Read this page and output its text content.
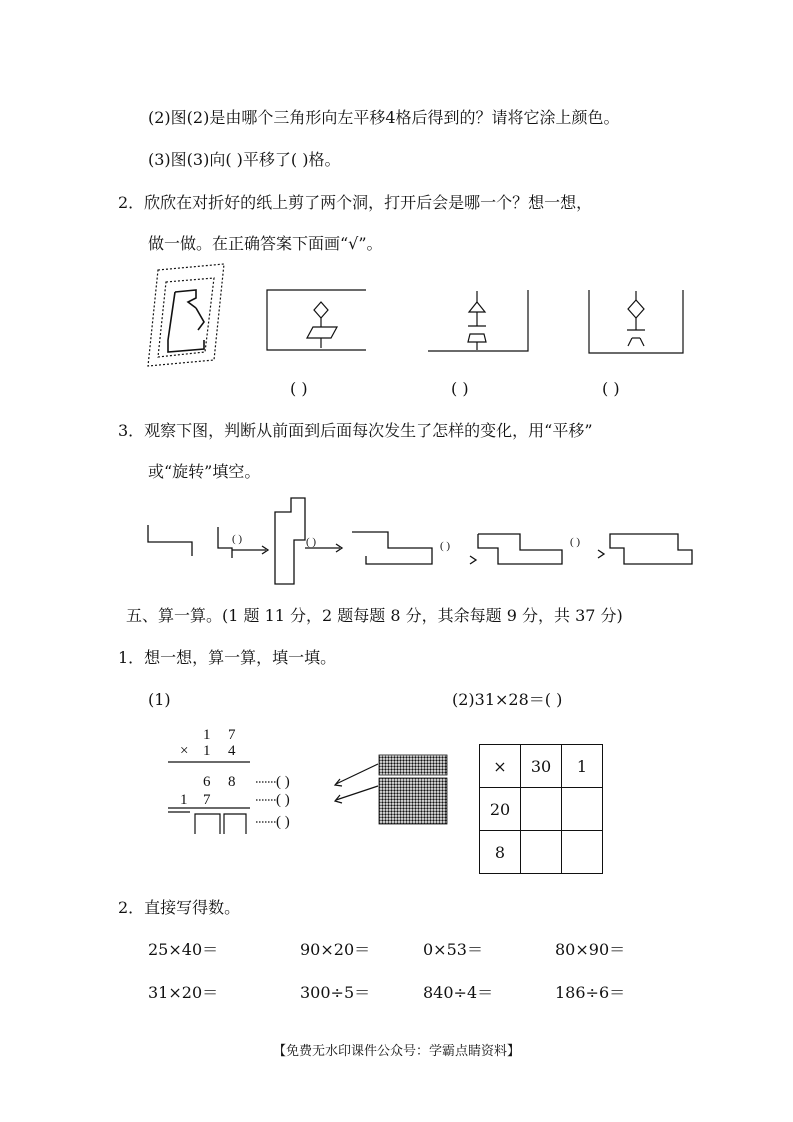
(2)图(2)是由哪个三角形向左平移4格后得到的？请将它涂上颜色。
(3)图(3)向( )平移了( )格。
2．欣欣在对折好的纸上剪了两个洞，打开后会是哪一个？想一想，
做一做。在正确答案下面画“√”。
( )	( )	( )
3．观察下图，判断从前面到后面每次发生了怎样的变化，用“平移”
或“旋转”填空。
( )	( )	( )	( )
五、算一算。(1 题 11 分，2 题每题 8 分，其余每题 9 分，共 37 分)
1．想一想，算一算，填一填。
(1)	(2)31×28＝( )
1 7
× 1 4
6 8
1 7
( )
( )
( )
×	30	1
20		
8		
2．直接写得数。
25×40＝	90×20＝	0×53＝	80×90＝
31×20＝	300÷5＝	840÷4＝	186÷6＝
【免费无水印课件公众号：学霸点睛资料】
